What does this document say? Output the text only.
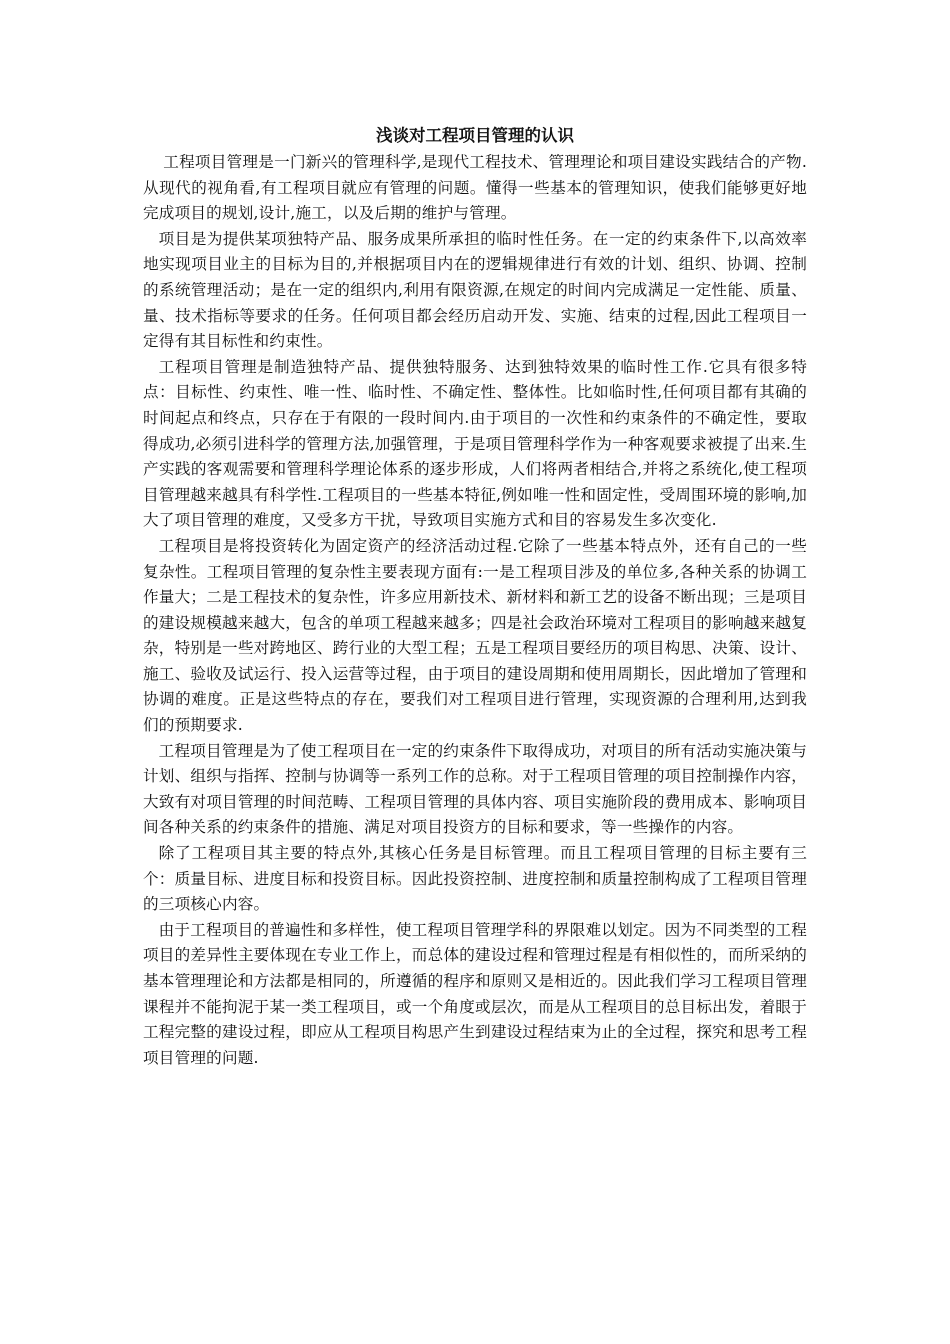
浅谈对工程项目管理的认识

工程项目管理是一门新兴的管理科学,是现代工程技术、管理理论和项目建设实践结合的产物.从现代的视角看,有工程项目就应有管理的问题。懂得一些基本的管理知识，使我们能够更好地完成项目的规划,设计,施工，以及后期的维护与管理。

项目是为提供某项独特产品、服务成果所承担的临时性任务。在一定的约束条件下,以高效率地实现项目业主的目标为目的,并根据项目内在的逻辑规律进行有效的计划、组织、协调、控制的系统管理活动；是在一定的组织内,利用有限资源,在规定的时间内完成满足一定性能、质量、量、技术指标等要求的任务。任何项目都会经历启动开发、实施、结束的过程,因此工程项目一定得有其目标性和约束性。

工程项目管理是制造独特产品、提供独特服务、达到独特效果的临时性工作.它具有很多特点：目标性、约束性、唯一性、临时性、不确定性、整体性。比如临时性,任何项目都有其确的时间起点和终点，只存在于有限的一段时间内.由于项目的一次性和约束条件的不确定性，要取得成功,必须引进科学的管理方法,加强管理，于是项目管理科学作为一种客观要求被提了出来.生产实践的客观需要和管理科学理论体系的逐步形成，人们将两者相结合,并将之系统化,使工程项目管理越来越具有科学性.工程项目的一些基本特征,例如唯一性和固定性，受周围环境的影响,加大了项目管理的难度，又受多方干扰，导致项目实施方式和目的容易发生多次变化.

工程项目是将投资转化为固定资产的经济活动过程.它除了一些基本特点外，还有自己的一些复杂性。工程项目管理的复杂性主要表现方面有:一是工程项目涉及的单位多,各种关系的协调工作量大；二是工程技术的复杂性，许多应用新技术、新材料和新工艺的设备不断出现；三是项目的建设规模越来越大，包含的单项工程越来越多；四是社会政治环境对工程项目的影响越来越复杂，特别是一些对跨地区、跨行业的大型工程；五是工程项目要经历的项目构思、决策、设计、施工、验收及试运行、投入运营等过程，由于项目的建设周期和使用周期长，因此增加了管理和协调的难度。正是这些特点的存在，要我们对工程项目进行管理，实现资源的合理利用,达到我们的预期要求.

工程项目管理是为了使工程项目在一定的约束条件下取得成功，对项目的所有活动实施决策与计划、组织与指挥、控制与协调等一系列工作的总称。对于工程项目管理的项目控制操作内容，大致有对项目管理的时间范畴、工程项目管理的具体内容、项目实施阶段的费用成本、影响项目间各种关系的约束条件的措施、满足对项目投资方的目标和要求，等一些操作的内容。

除了工程项目其主要的特点外,其核心任务是目标管理。而且工程项目管理的目标主要有三个：质量目标、进度目标和投资目标。因此投资控制、进度控制和质量控制构成了工程项目管理的三项核心内容。

由于工程项目的普遍性和多样性，使工程项目管理学科的界限难以划定。因为不同类型的工程项目的差异性主要体现在专业工作上，而总体的建设过程和管理过程是有相似性的，而所采纳的基本管理理论和方法都是相同的，所遵循的程序和原则又是相近的。因此我们学习工程项目管理课程并不能拘泥于某一类工程项目，或一个角度或层次，而是从工程项目的总目标出发，着眼于工程完整的建设过程，即应从工程项目构思产生到建设过程结束为止的全过程，探究和思考工程项目管理的问题.
